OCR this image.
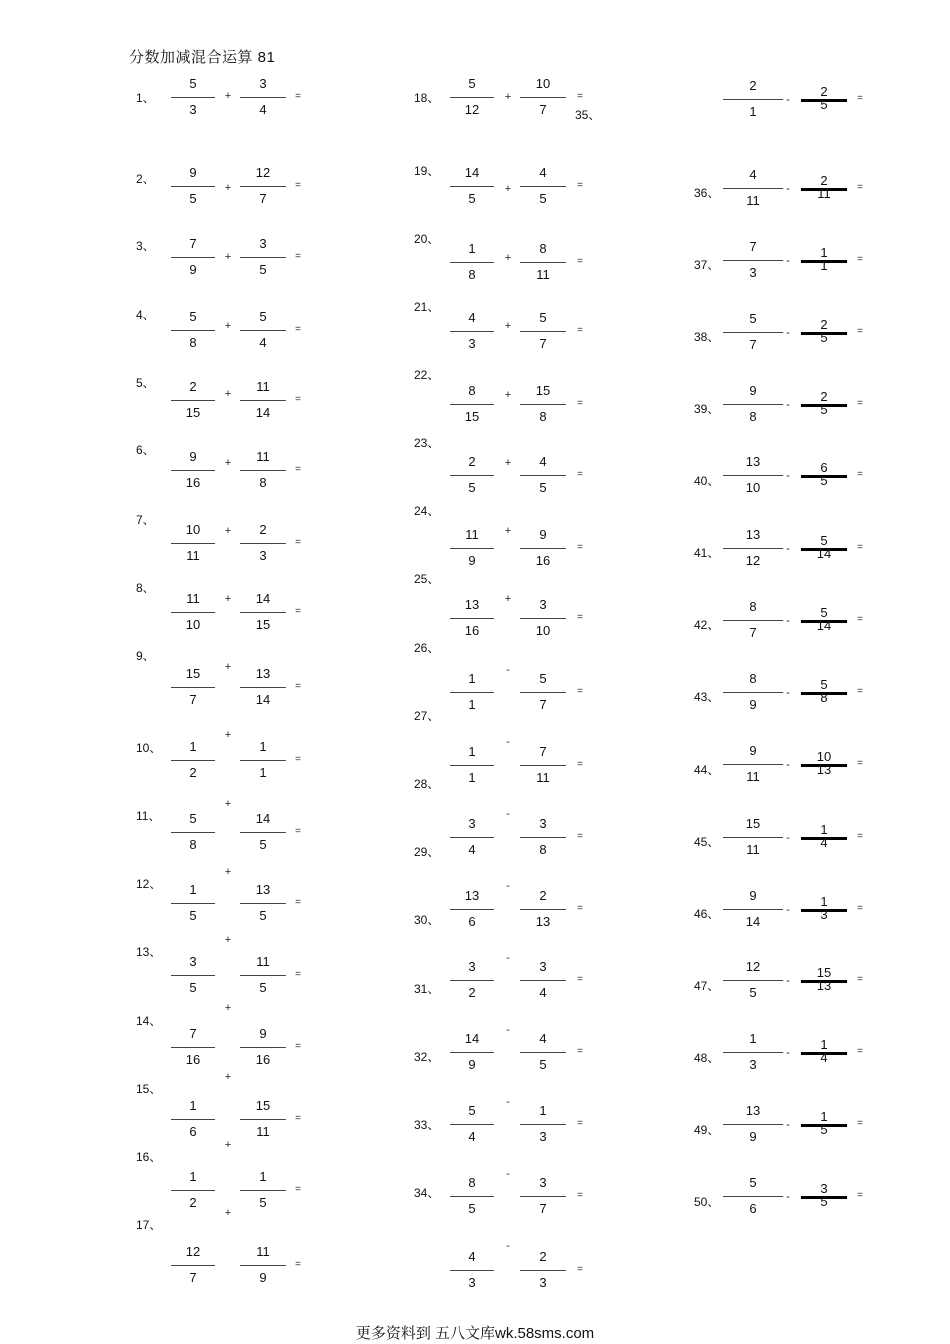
分数加减混合运算 81
1、
5
3
+
3
4
=
2、	9
5
+
12
7
=
3、	7
9
+
3
5
=
4、	5
8
+
5
4
=
5、	2
15
+	11
14
=
6、	9
16
+	11
8
=
7、
10
11
+	2
3
=
8、
11
10
+	14
15
=
9、
15
7
+	13
14
=
10、	1
2
+
1
1
=
11、	5
8
+
14
5
=
12、	1
5
+
13
5
=
13、
3
5
+
11
5
=
14、
7
16
+
9
16
=
15、
1
6
+
15
11
=
16、
1
2
+
1
5
=
17、
12
7
+
11
9
=
18、
5
12
+
10
7
=
19、	14
5
+
4
5
=
20、
1
8
+
8
11
=
21、
4
3
+
5
7
=
22、
8
15
+	15
8
=
23、
2
5
+	4
5
=
24、
11
9
+	9
16
=
25、
13
16
+	3
10
=
26、
1
1
-
5
7
=
27、
1
1
-
7
11
=
28、
3
4
-
3
8
=
29、
13
6
-
2
13
=
30、
3
2
-
3
4
=
31、
14
9
-
4
5
=
32、
5
4
-
1
3
=
33、
8
5
-
3
7
=
34、
4
3
-
2
3
=
35、
2
1
-
2
5	=
36、
4
11
-
2
11	=
37、
7
3
-
1
1	=
38、
5
7
-
2
5	=
39、
9
8
-
2
5	=
40、
13
10
-
6
5	=
41、
13
12
-
5
14	=
42、
8
7
-
5
14	=
43、
8
9
-
5
8	=
44、
9
11
-
10
13	=
45、
15
11
-
1
4	=
46、
9
14
-
1
3	=
47、
12
5
-
15
13	=
48、
1
3
-
1
4	=
49、
13
9
-
1
5	=
50、
5
6
-
3
5	=
更多资料到 五八文库wk.58sms.com
